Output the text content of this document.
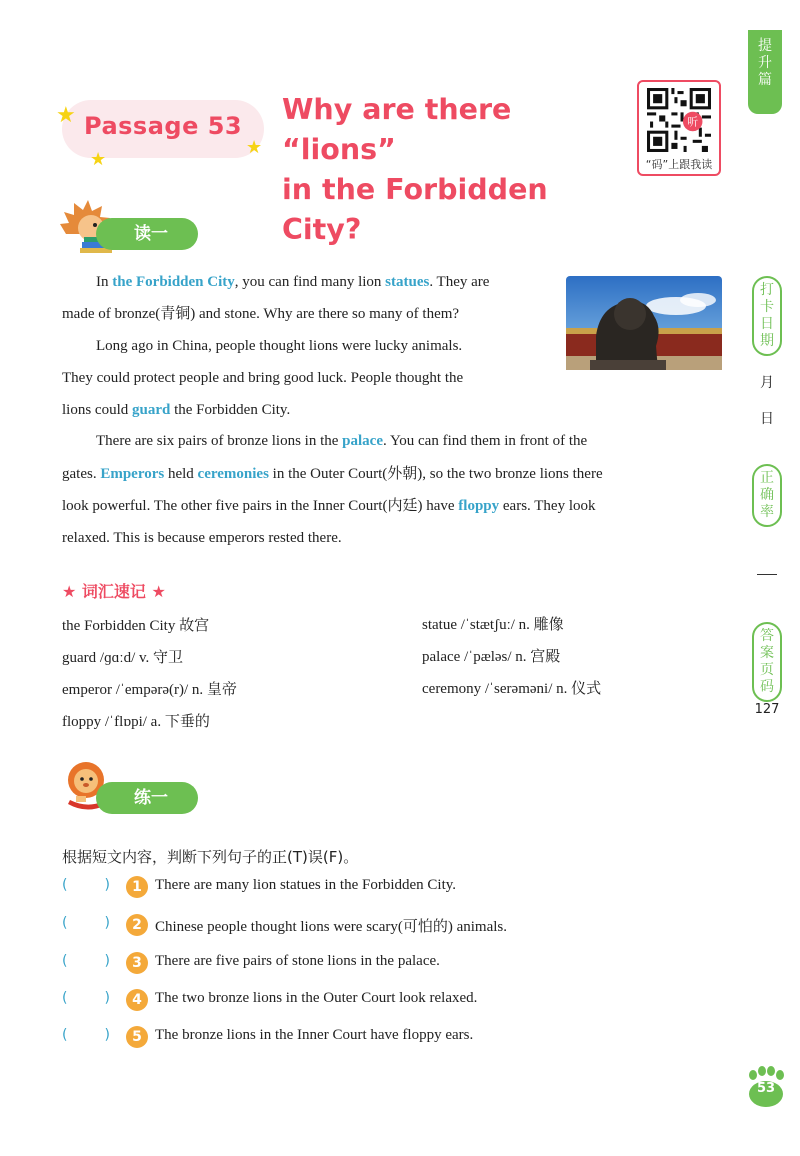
提
升
篇
打
卡
日
期
月
日
正
确
率
答
案
页
码
127
★
★
★
Passage 53 Why are there “lions”
in the Forbidden City?
听
“码”上跟我读
读一读
In the Forbidden City, you can find many lion statues. They are
made of bronze(青铜) and stone. Why are there so many of them?
Long ago in China, people thought lions were lucky animals.
They could protect people and bring good luck. People thought the
lions could guard the Forbidden City.
There are six pairs of bronze lions in the palace. You can find them in front of the
gates. Emperors held ceremonies in the Outer Court(外朝), so the two bronze lions there
look powerful. The other five pairs in the Inner Court(内廷) have floppy ears. They look
relaxed. This is because emperors rested there.
★ 词汇速记 ★
the Forbidden City 故宫	statue /ˈstætʃuː/ n. 雕像
guard /ɡɑːd/ v. 守卫	palace /ˈpæləs/ n. 宫殿
emperor /ˈempərə(r)/ n. 皇帝	ceremony /ˈserəməni/ n. 仪式
floppy /ˈflɒpi/ a. 下垂的
练一练
根据短文内容，判断下列句子的正(T)误(F)。
(	)	1 There are many lion statues in the Forbidden City.
(	)	2 Chinese people thought lions were scary(可怕的) animals.
(	)	3 There are five pairs of stone lions in the palace.
(	)	4 The two bronze lions in the Outer Court look relaxed.
(	)	5 The bronze lions in the Inner Court have floppy ears.
53
